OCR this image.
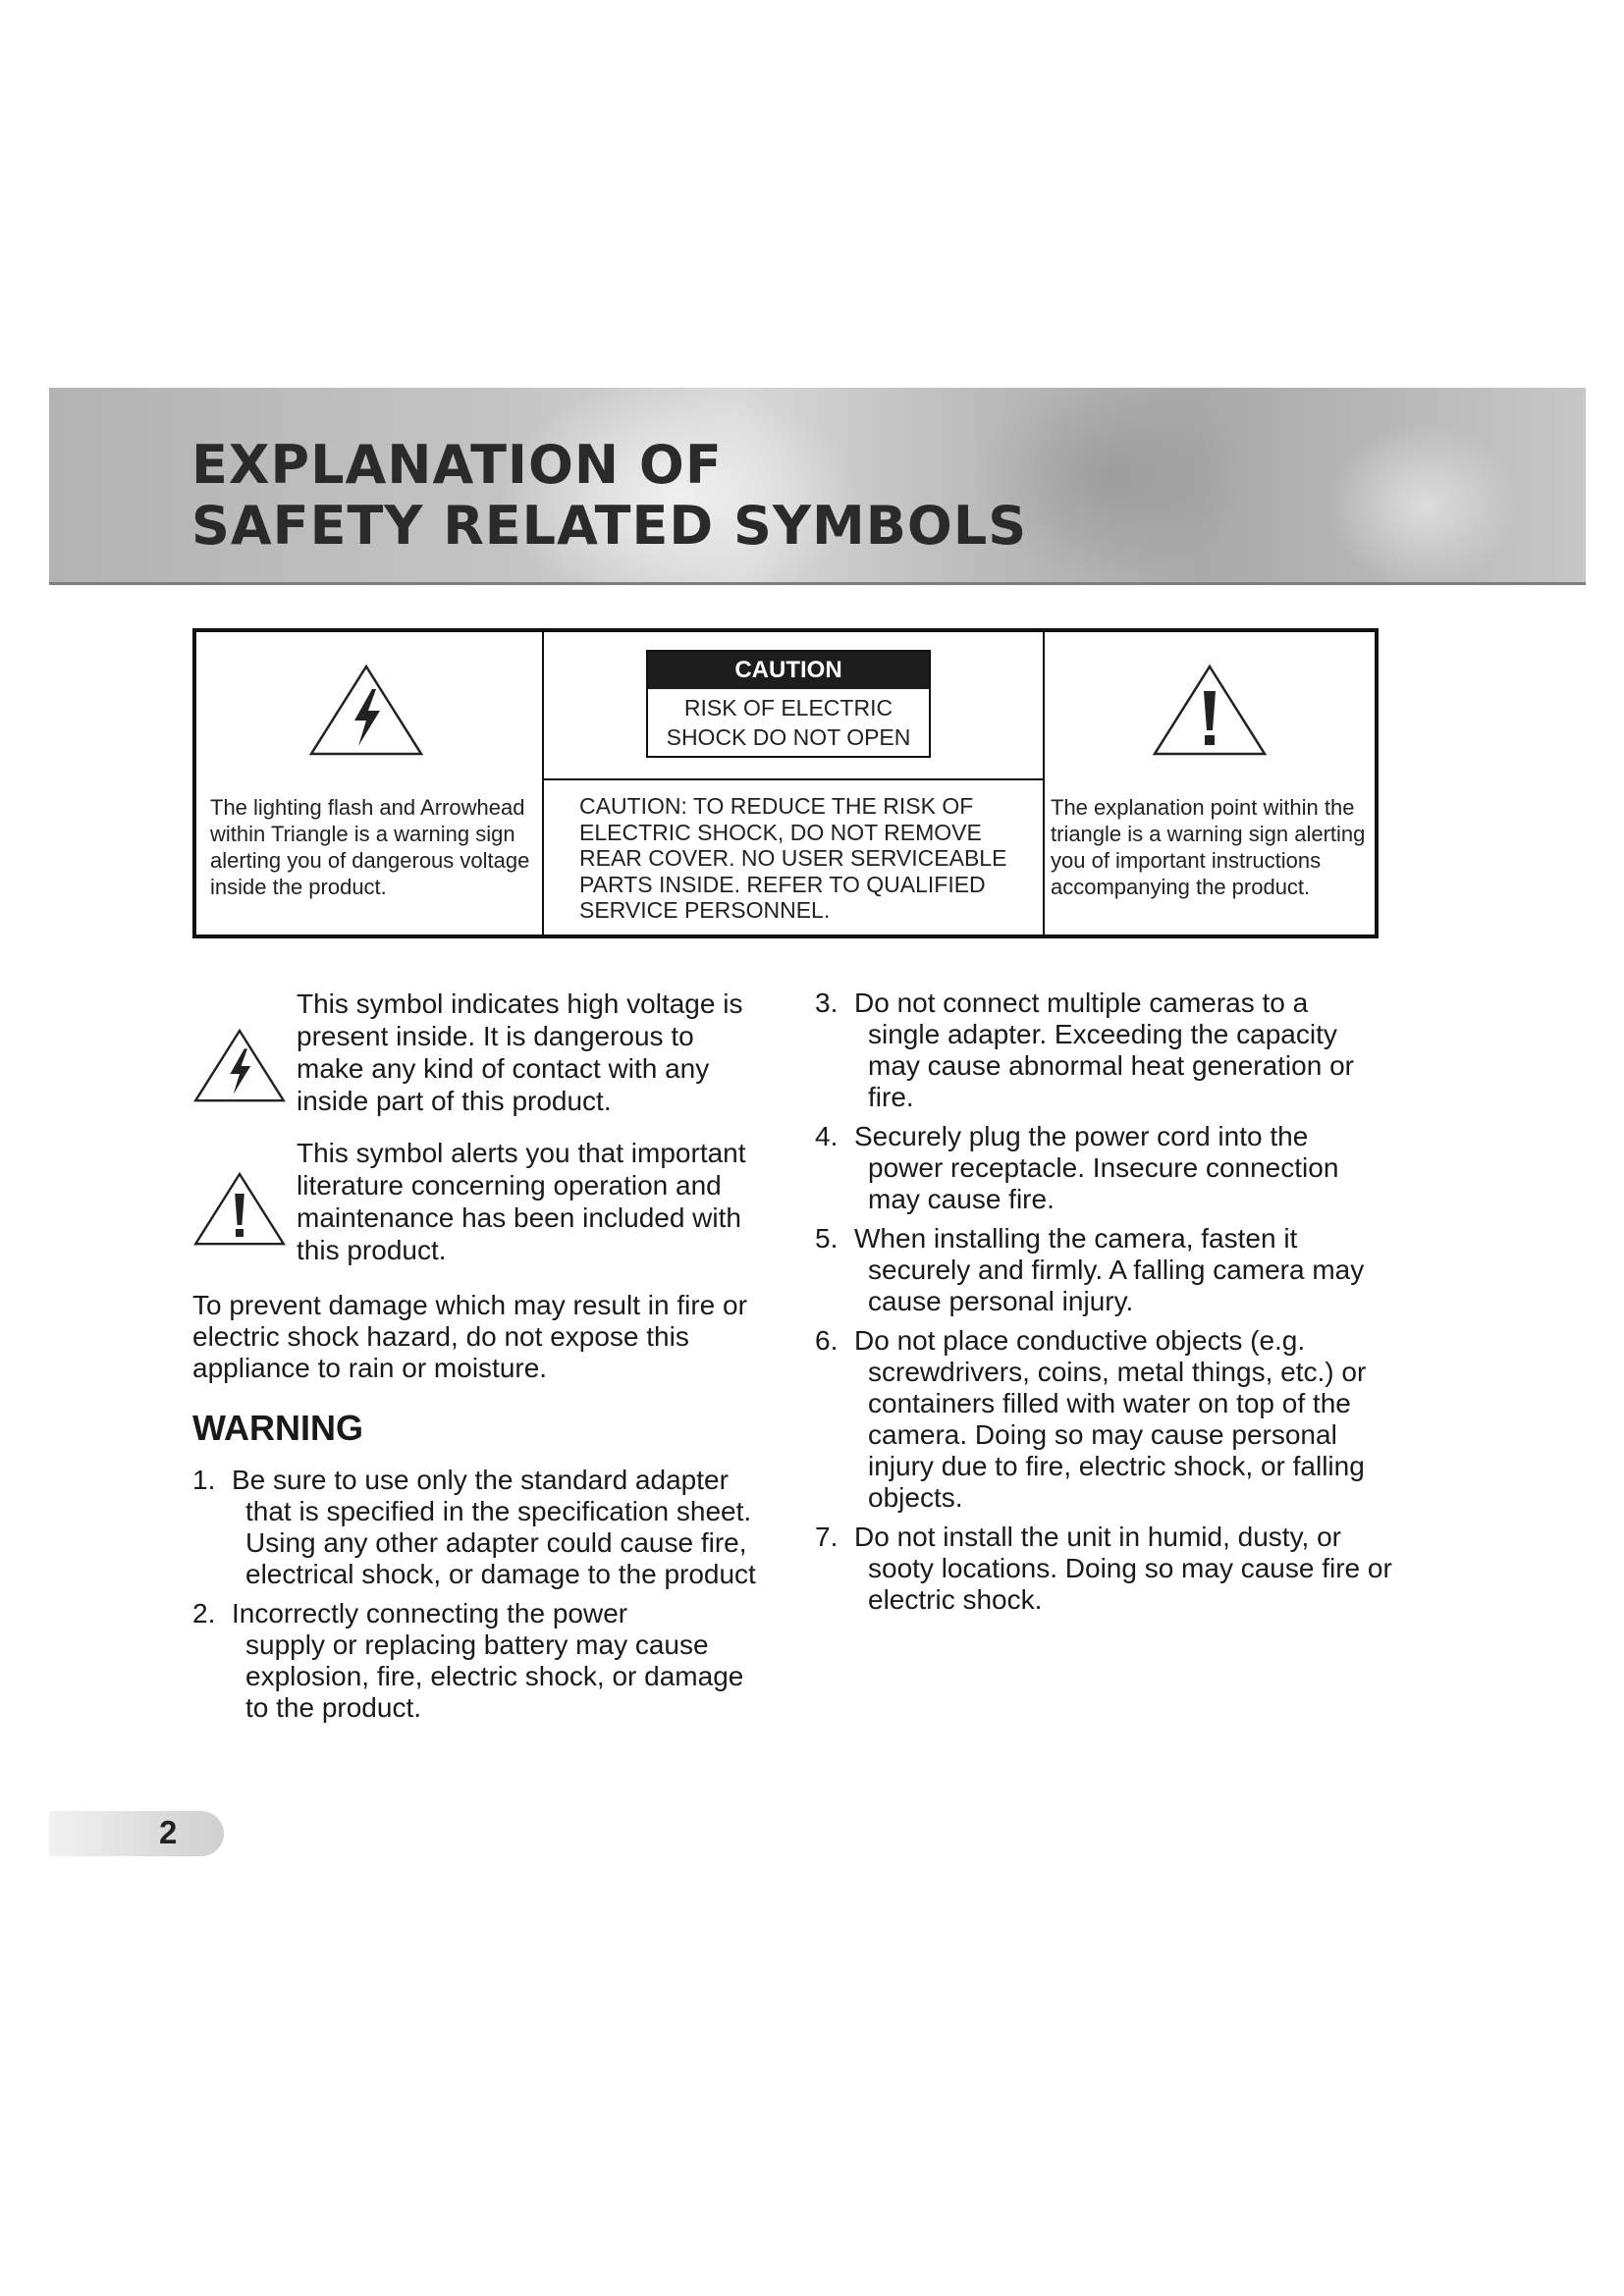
EXPLANATION OF
SAFETY RELATED SYMBOLS
The lighting flash and Arrowhead within Triangle is a warning sign alerting you of dangerous voltage inside the product.
CAUTION
RISK OF ELECTRIC
SHOCK DO NOT OPEN
CAUTION: TO REDUCE THE RISK OF ELECTRIC SHOCK, DO NOT REMOVE REAR COVER. NO USER SERVICEABLE PARTS INSIDE. REFER TO QUALIFIED SERVICE PERSONNEL.
The explanation point within the triangle is a warning sign alerting you of important instructions accompanying the product.
This symbol indicates high voltage is present inside. It is dangerous to make any kind of contact with any inside part of this product.
This symbol alerts you that important literature concerning operation and maintenance has been included with this product.

To prevent damage which may result in fire or electric shock hazard, do not expose this appliance to rain or moisture.

WARNING
1. Be sure to use only the standard adapter
that is specified in the specification sheet. Using any other adapter could cause fire, electrical shock, or damage to the product
2. Incorrectly connecting the power
supply or replacing battery may cause explosion, fire, electric shock, or damage to the product.
3. Do not connect multiple cameras to a
single adapter. Exceeding the capacity may cause abnormal heat generation or fire.
4. Securely plug the power cord into the
power receptacle. Insecure connection may cause fire.
5. When installing the camera, fasten it
securely and firmly. A falling camera may cause personal injury.
6. Do not place conductive objects (e.g.
screwdrivers, coins, metal things, etc.) or containers filled with water on top of the camera. Doing so may cause personal injury due to fire, electric shock, or falling objects.
7. Do not install the unit in humid, dusty, or
sooty locations. Doing so may cause fire or electric shock.
2
